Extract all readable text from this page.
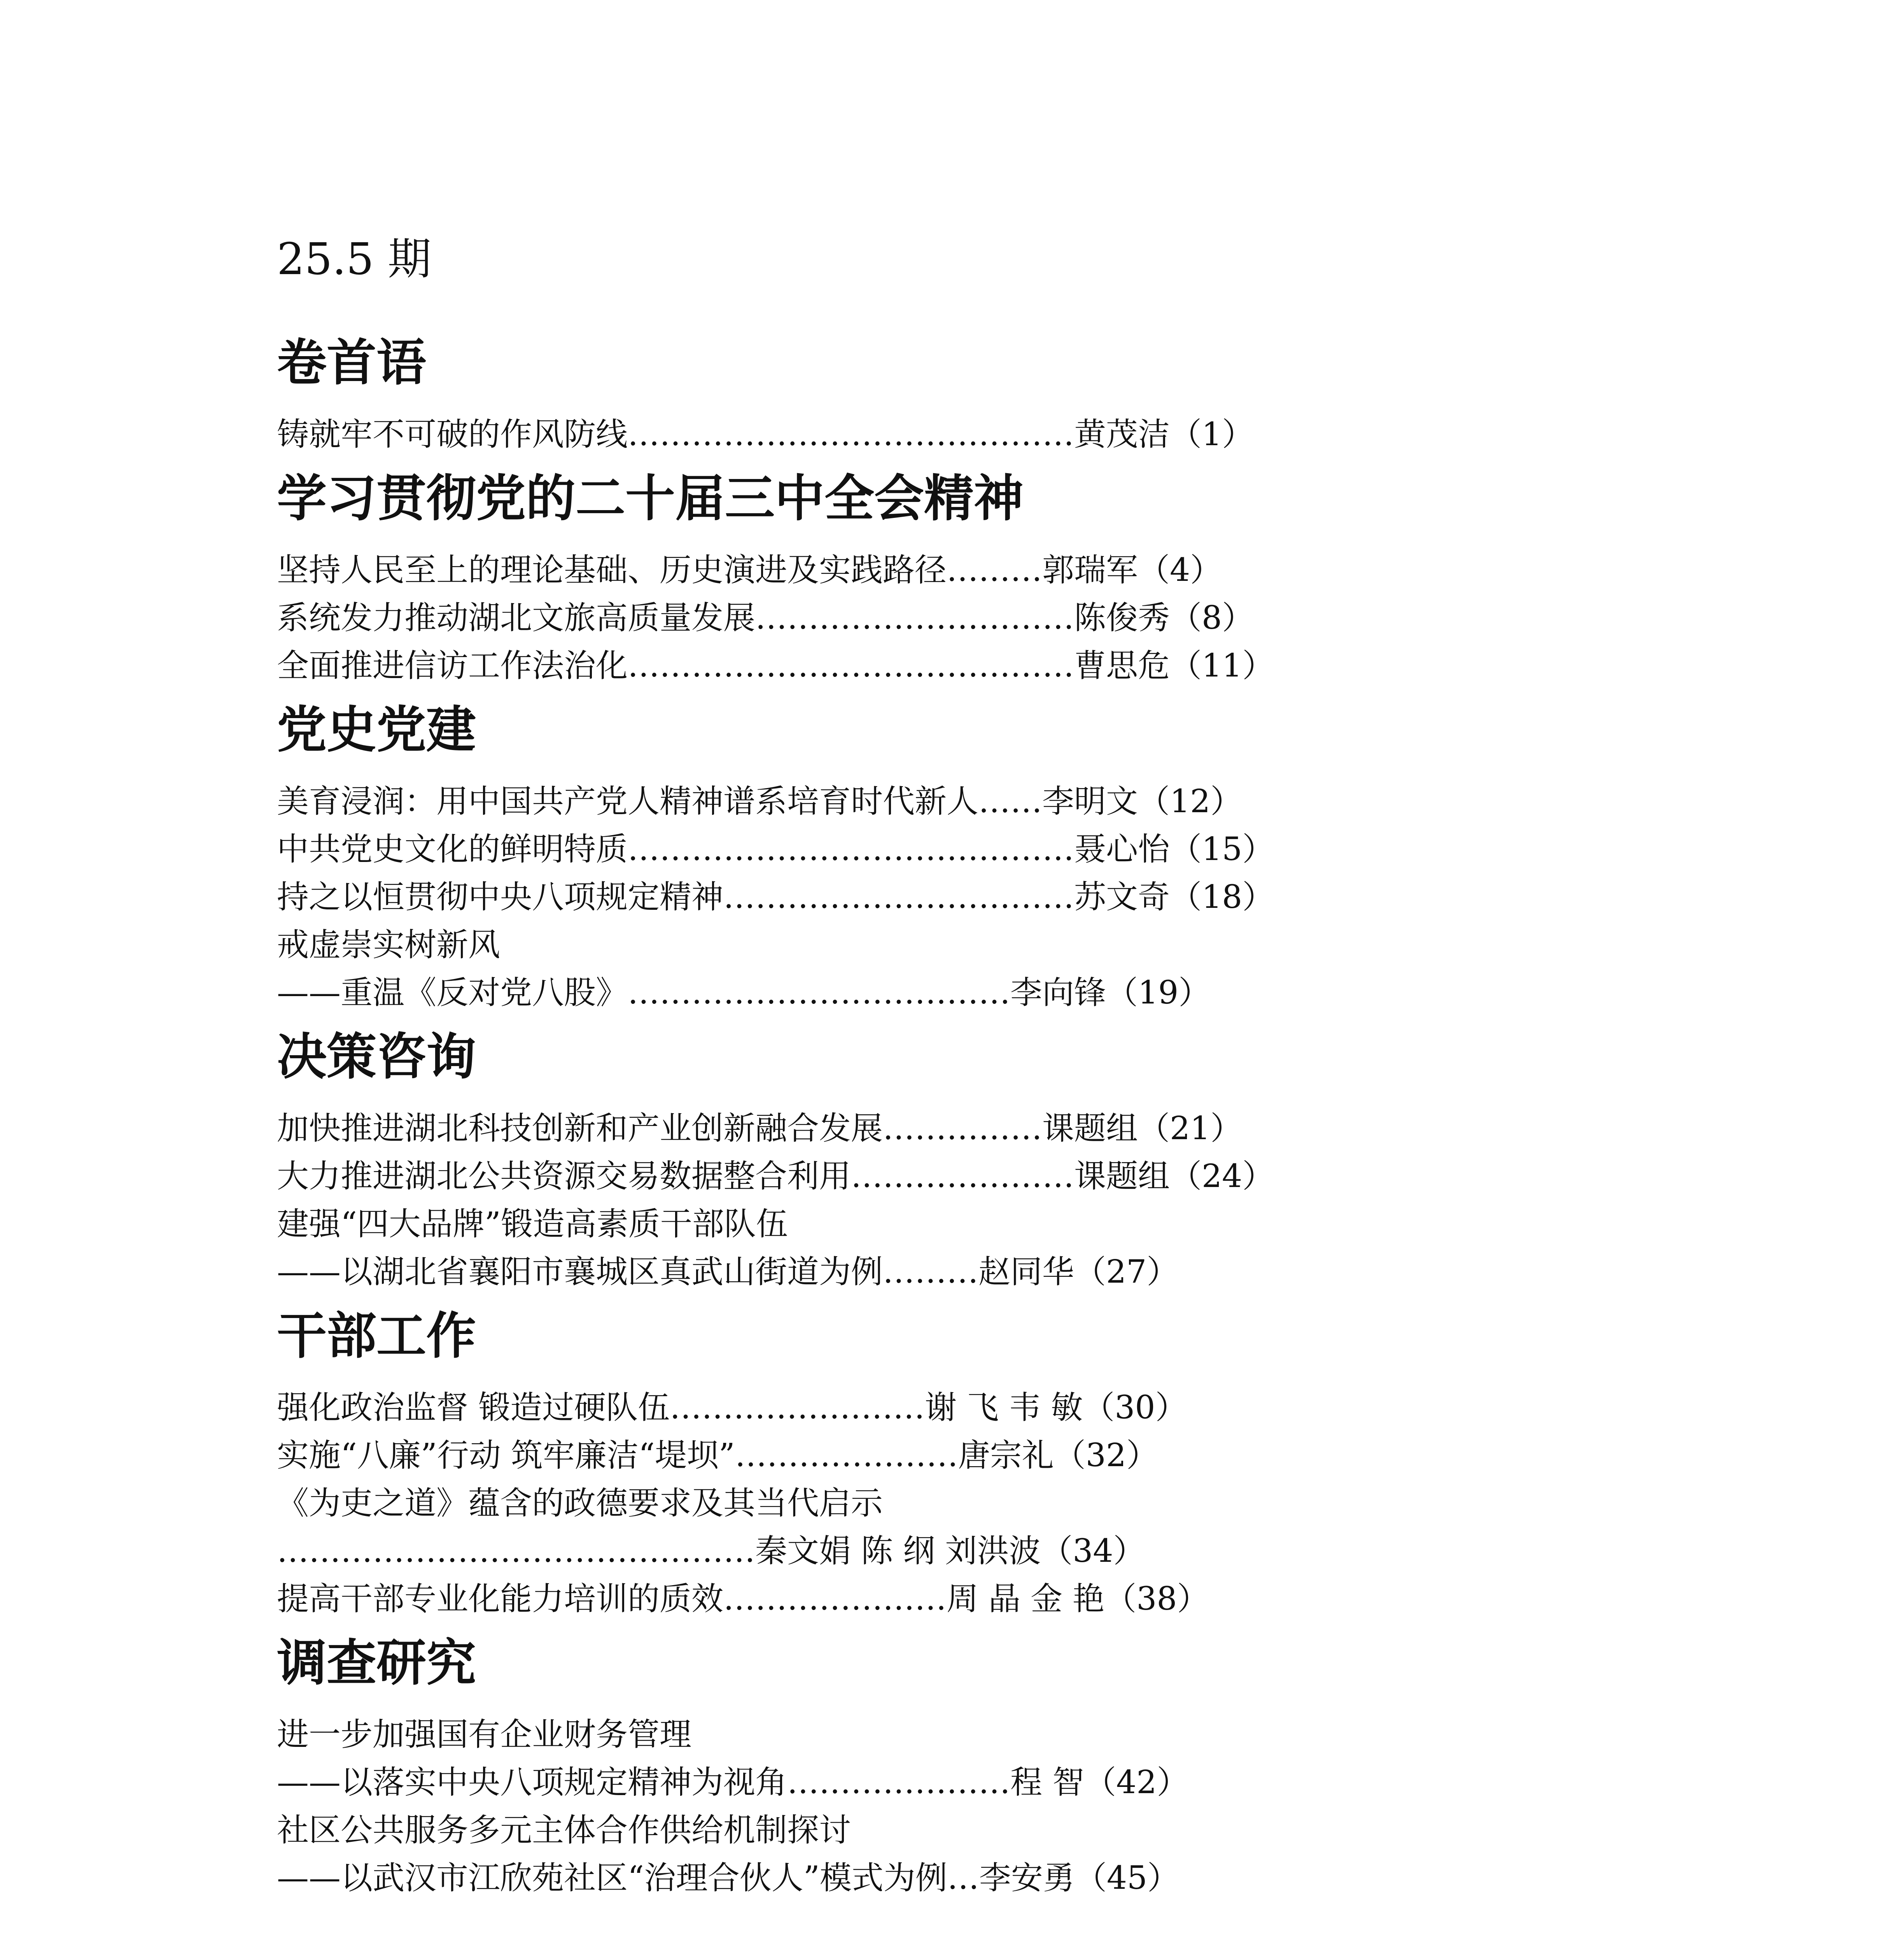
25.5 期
卷首语
铸就牢不可破的作风防线……………………………………黄茂洁（1）
学习贯彻党的二十届三中全会精神
坚持人民至上的理论基础、历史演进及实践路径………郭瑞军（4）
系统发力推动湖北文旅高质量发展…………………………陈俊秀（8）
全面推进信访工作法治化……………………………………曹思危（11）
党史党建
美育浸润：用中国共产党人精神谱系培育时代新人……李明文（12）
中共党史文化的鲜明特质……………………………………聂心怡（15）
持之以恒贯彻中央八项规定精神……………………………苏文奇（18）
戒虚崇实树新风
——重温《反对党八股》………………………………李向锋（19）
决策咨询
加快推进湖北科技创新和产业创新融合发展……………课题组（21）
大力推进湖北公共资源交易数据整合利用…………………课题组（24）
建强“四大品牌”锻造高素质干部队伍
——以湖北省襄阳市襄城区真武山街道为例………赵同华（27）
干部工作
强化政治监督 锻造过硬队伍……………………谢 飞 韦 敏（30）
实施“八廉”行动 筑牢廉洁“堤坝”…………………唐宗礼（32）
《为吏之道》蕴含的政德要求及其当代启示
………………………………………秦文娟 陈 纲 刘洪波（34）
提高干部专业化能力培训的质效…………………周 晶 金 艳（38）
调查研究
进一步加强国有企业财务管理
——以落实中央八项规定精神为视角…………………程 智（42）
社区公共服务多元主体合作供给机制探讨
——以武汉市江欣苑社区“治理合伙人”模式为例…李安勇（45）
